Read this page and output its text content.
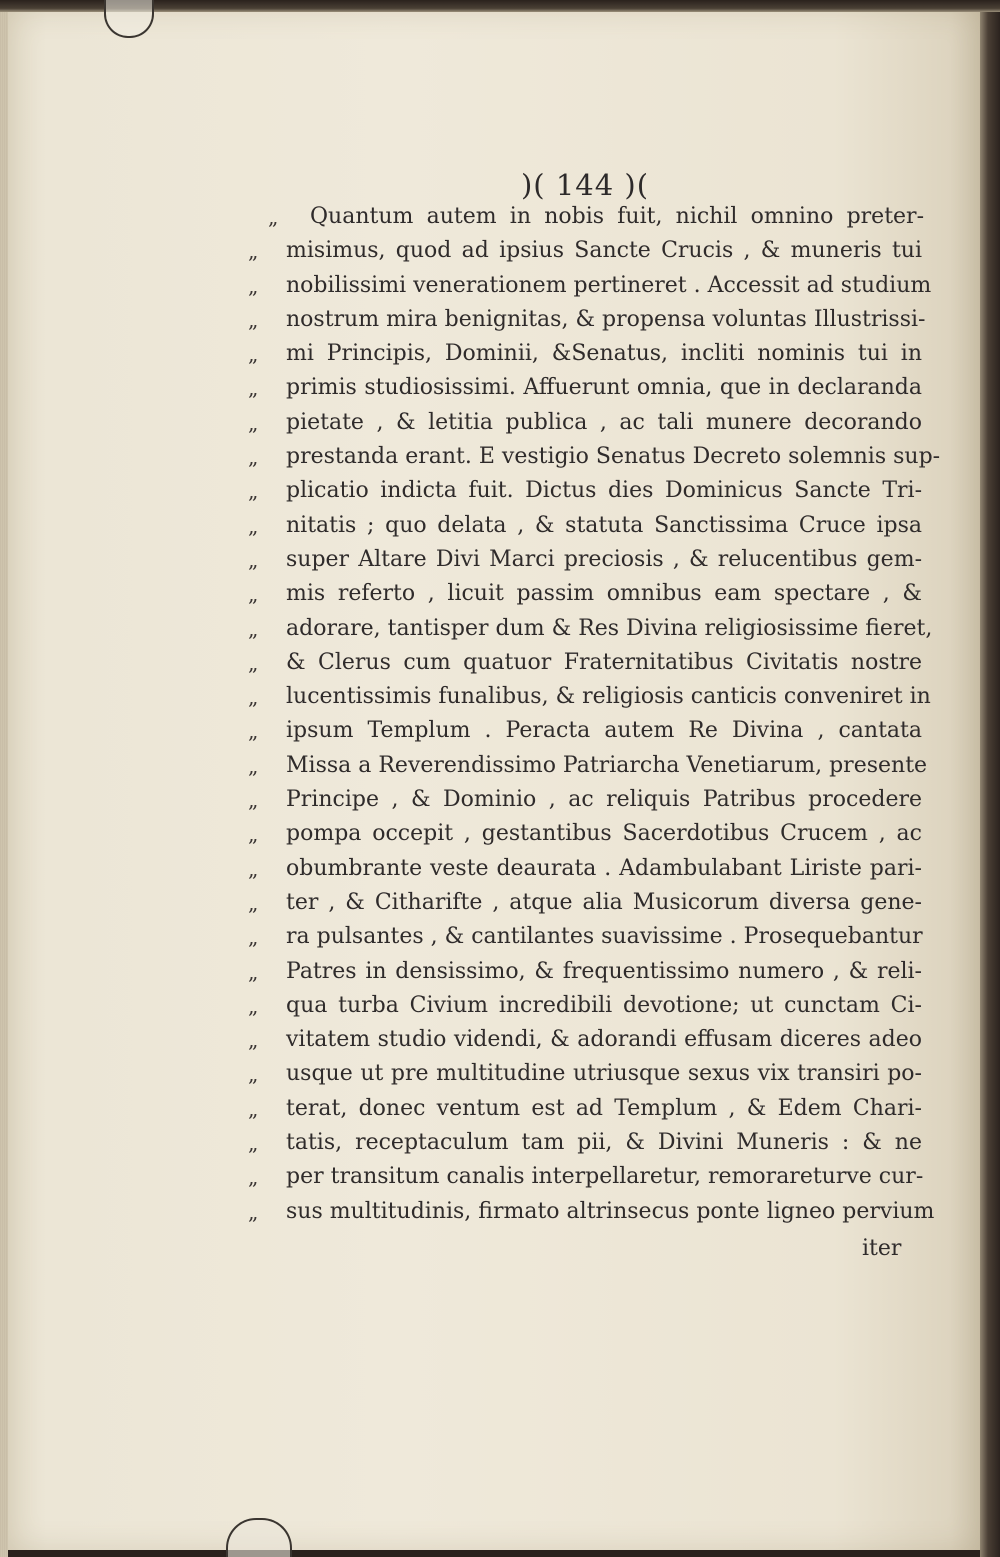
)( 144 )(
„	Quantum autem in nobis fuit, nichil omnino preter-
„	misimus, quod ad ipsius Sancte Crucis , & muneris tui
„	nobilissimi venerationem pertineret . Accessit ad studium
„	nostrum mira benignitas, & propensa voluntas Illustrissi-
„	mi Principis, Dominii, &Senatus, incliti nominis tui in
„	primis studiosissimi. Affuerunt omnia, que in declaranda
„	pietate , & letitia publica , ac tali munere decorando
„	prestanda erant. E vestigio Senatus Decreto solemnis sup-
„	plicatio indicta fuit. Dictus dies Dominicus Sancte Tri-
„	nitatis ; quo delata , & statuta Sanctissima Cruce ipsa
„	super Altare Divi Marci preciosis , & relucentibus gem-
„	mis referto , licuit passim omnibus eam spectare , &
„	adorare, tantisper dum & Res Divina religiosissime fieret,
„	& Clerus cum quatuor Fraternitatibus Civitatis nostre
„	lucentissimis funalibus, & religiosis canticis conveniret in
„	ipsum Templum . Peracta autem Re Divina , cantata
„	Missa a Reverendissimo Patriarcha Venetiarum, presente
„	Principe , & Dominio , ac reliquis Patribus procedere
„	pompa occepit , gestantibus Sacerdotibus Crucem , ac
„	obumbrante veste deaurata . Adambulabant Liriste pari-
„	ter , & Citharifte , atque alia Musicorum diversa gene-
„	ra pulsantes , & cantilantes suavissime . Prosequebantur
„	Patres in densissimo, & frequentissimo numero , & reli-
„	qua turba Civium incredibili devotione; ut cunctam Ci-
„	vitatem studio videndi, & adorandi effusam diceres adeo
„	usque ut pre multitudine utriusque sexus vix transiri po-
„	terat, donec ventum est ad Templum , & Edem Chari-
„	tatis, receptaculum tam pii, & Divini Muneris : & ne
„	per transitum canalis interpellaretur, remorareturve cur-
„	sus multitudinis, firmato altrinsecus ponte ligneo pervium
iter
